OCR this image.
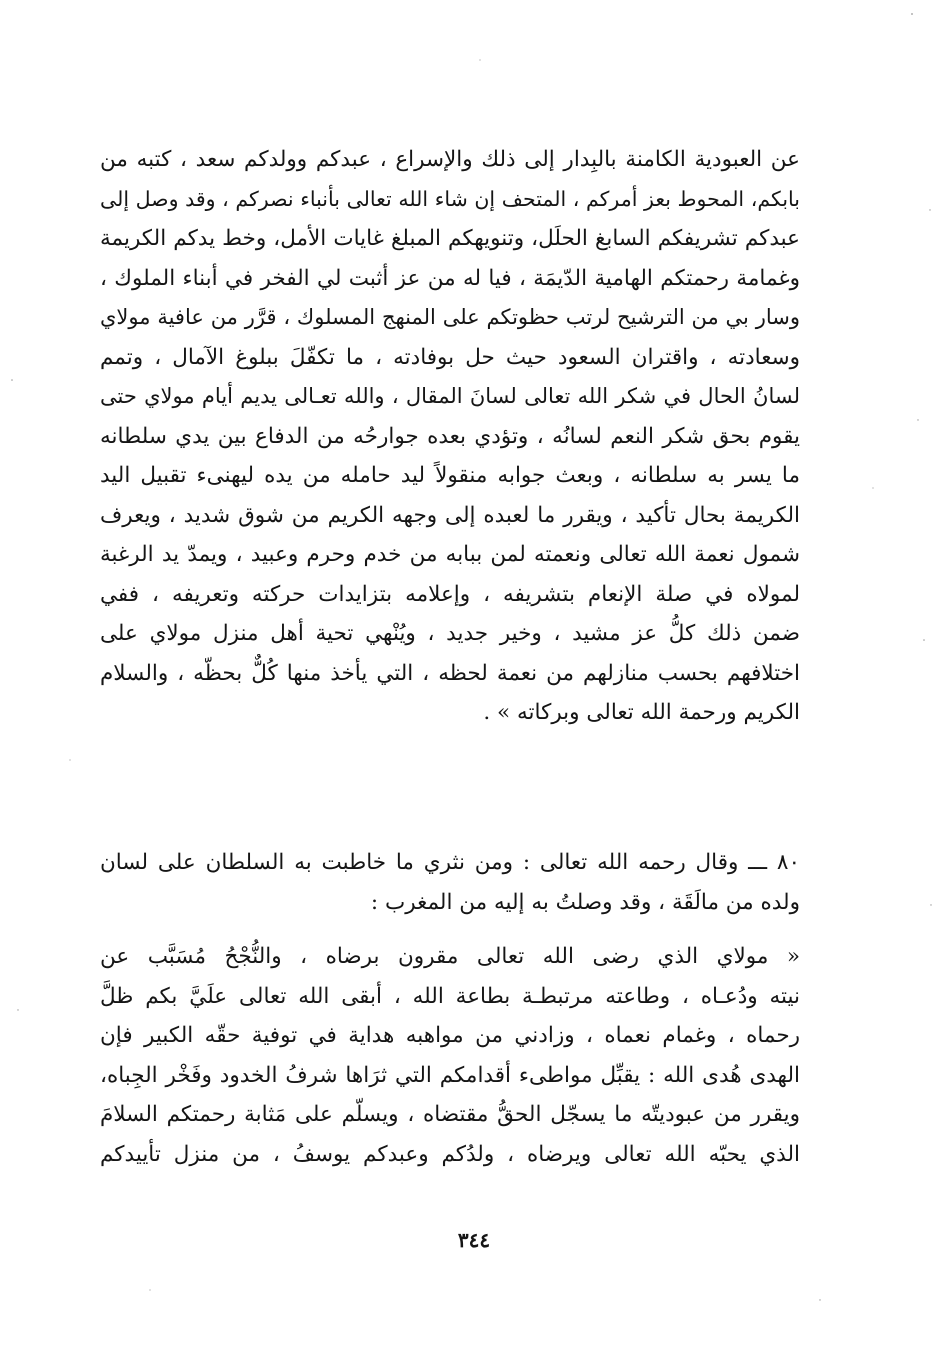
عن العبودية الكامنة بالبِدار إلى ذلك والإسراع ، عبدكم وولدكم سعد ، كتبه من
بابكم، المحوط بعز أمركم ، المتحف إن شاء الله تعالى بأنباء نصركم ، وقد وصل إلى
عبدكم تشريفكم السابغ الحلَل، وتنويهكم المبلغ غايات الأمل، وخط يدكم الكريمة
وغمامة رحمتكم الهامية الدّيمَة ، فيا له من عز أثبت لي الفخر في أبناء الملوك ،
وسار بي من الترشيح لرتب حظوتكم على المنهج المسلوك ، قرَّر من عافية مولاي
وسعادته ، واقتران السعود حيث حل بوفادته ، ما تكفّلَ ببلوغ الآمال ، وتمم
لسانُ الحال في شكر الله تعالى لسانَ المقال ، والله تعـالى يديم أيام مولاي حتى
يقوم بحق شكر النعم لسانُه ، وتؤدي بعده جوارحُه من الدفاع بين يدي سلطانه
ما يسر به سلطانه ، وبعث جوابه منقولاً ليد حامله من يده ليهنىء تقبيل اليد
الكريمة بحال تأكيد ، ويقرر ما لعبده إلى وجهه الكريم من شوق شديد ، ويعرف
شمول نعمة الله تعالى ونعمته لمن ببابه من خدم وحرم وعبيد ، ويمدّ يد الرغبة
لمولاه في صلة الإنعام بتشريفه ، وإعلامه بتزايدات حركته وتعريفه ، ففي
ضمن ذلك كلُّ عز مشيد ، وخير جديد ، ويُنْهي تحية أهل منزل مولاي على
اختلافهم بحسب منازلهم من نعمة لحظه ، التي يأخذ منها كُلٌّ بحظّه ، والسلام
الكريم ورحمة الله تعالى وبركاته » .
٨٠ ـــ وقال رحمه الله تعالى : ومن نثري ما خاطبت به السلطان على لسان
ولده من مالَقَة ، وقد وصلتُ به إليه من المغرب :
« مولاي الذي رضى الله تعالى مقرون برضاه ، والنُّجْحُ مُسَبَّب عن
نيته ودُعـاه ، وطاعته مرتبطـة بطاعة الله ، أبقى الله تعالى علَيَّ بكم ظلَّ
رحماه ، وغمام نعماه ، وزادني من مواهبه هداية في توفية حقّه الكبير فإن
الهدى هُدى الله : يقبِّل مواطىء أقدامكم التي ثرَاها شرفُ الخدود وفَخْر الجِباه،
ويقرر من عبوديتّه ما يسجّل الحقُّ مقتضاه ، ويسلّم على مَثابة رحمتكم السلامَ
الذي يحبّه الله تعالى ويرضاه ، ولدُكم وعبدكم يوسفُ ، من منزل تأييدكم
٣٤٤
